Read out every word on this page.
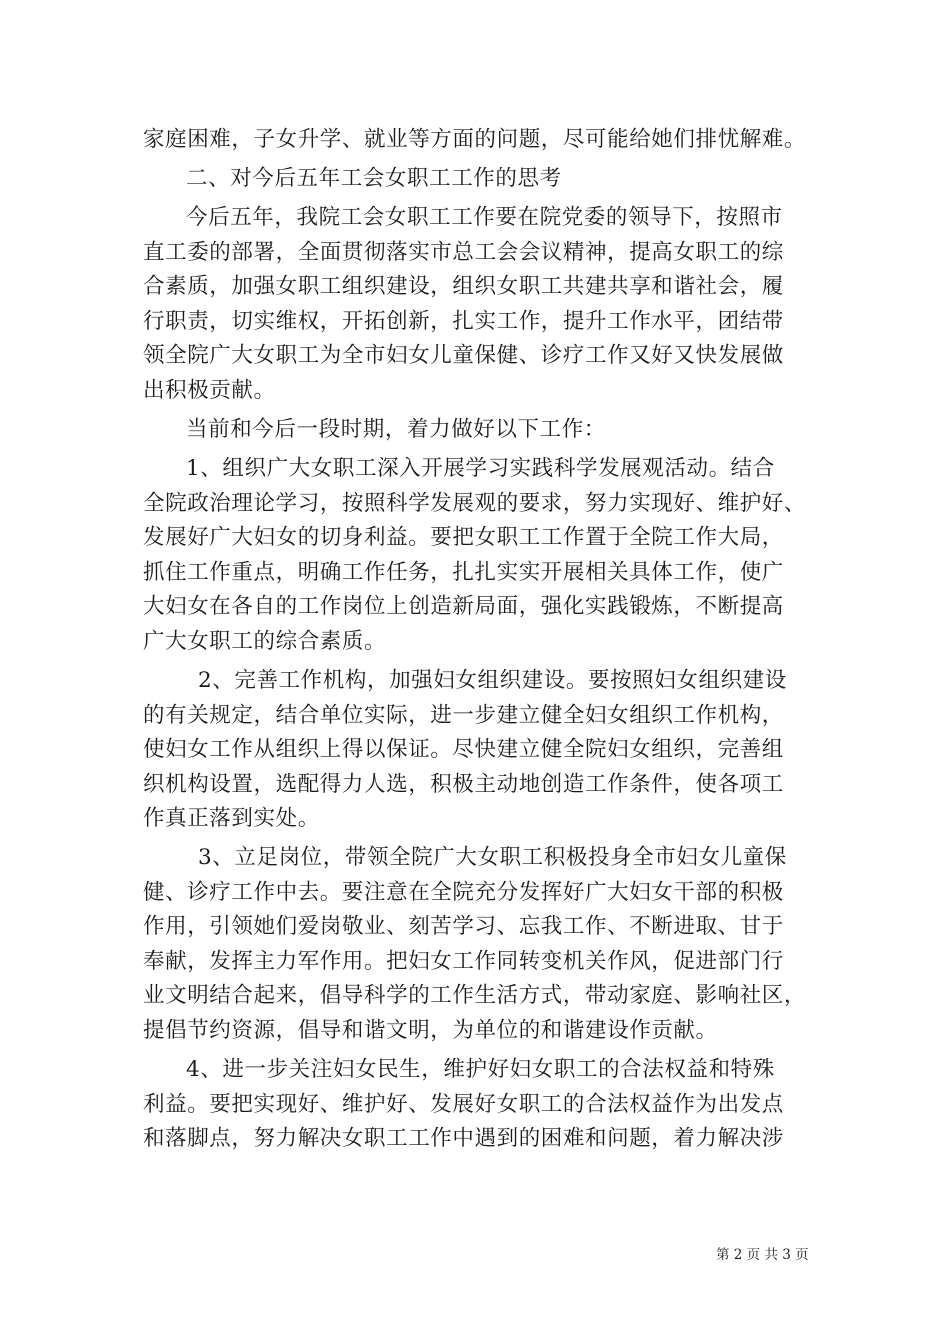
家庭困难，子女升学、就业等方面的问题，尽可能给她们排忧解难。
二、对今后五年工会女职工工作的思考
今后五年，我院工会女职工工作要在院党委的领导下，按照市
直工委的部署，全面贯彻落实市总工会会议精神，提高女职工的综
合素质，加强女职工组织建设，组织女职工共建共享和谐社会，履
行职责，切实维权，开拓创新，扎实工作，提升工作水平，团结带
领全院广大女职工为全市妇女儿童保健、诊疗工作又好又快发展做
出积极贡献。
当前和今后一段时期，着力做好以下工作：
1、组织广大女职工深入开展学习实践科学发展观活动。结合
全院政治理论学习，按照科学发展观的要求，努力实现好、维护好、
发展好广大妇女的切身利益。要把女职工工作置于全院工作大局，
抓住工作重点，明确工作任务，扎扎实实开展相关具体工作，使广
大妇女在各自的工作岗位上创造新局面，强化实践锻炼，不断提高
广大女职工的综合素质。
2、完善工作机构，加强妇女组织建设。要按照妇女组织建设
的有关规定，结合单位实际，进一步建立健全妇女组织工作机构，
使妇女工作从组织上得以保证。尽快建立健全院妇女组织，完善组
织机构设置，选配得力人选，积极主动地创造工作条件，使各项工
作真正落到实处。
3、立足岗位，带领全院广大女职工积极投身全市妇女儿童保
健、诊疗工作中去。要注意在全院充分发挥好广大妇女干部的积极
作用，引领她们爱岗敬业、刻苦学习、忘我工作、不断进取、甘于
奉献，发挥主力军作用。把妇女工作同转变机关作风，促进部门行
业文明结合起来，倡导科学的工作生活方式，带动家庭、影响社区，
提倡节约资源，倡导和谐文明，为单位的和谐建设作贡献。
4、进一步关注妇女民生，维护好妇女职工的合法权益和特殊
利益。要把实现好、维护好、发展好女职工的合法权益作为出发点
和落脚点，努力解决女职工工作中遇到的困难和问题，着力解决涉
第 2 页 共 3 页
